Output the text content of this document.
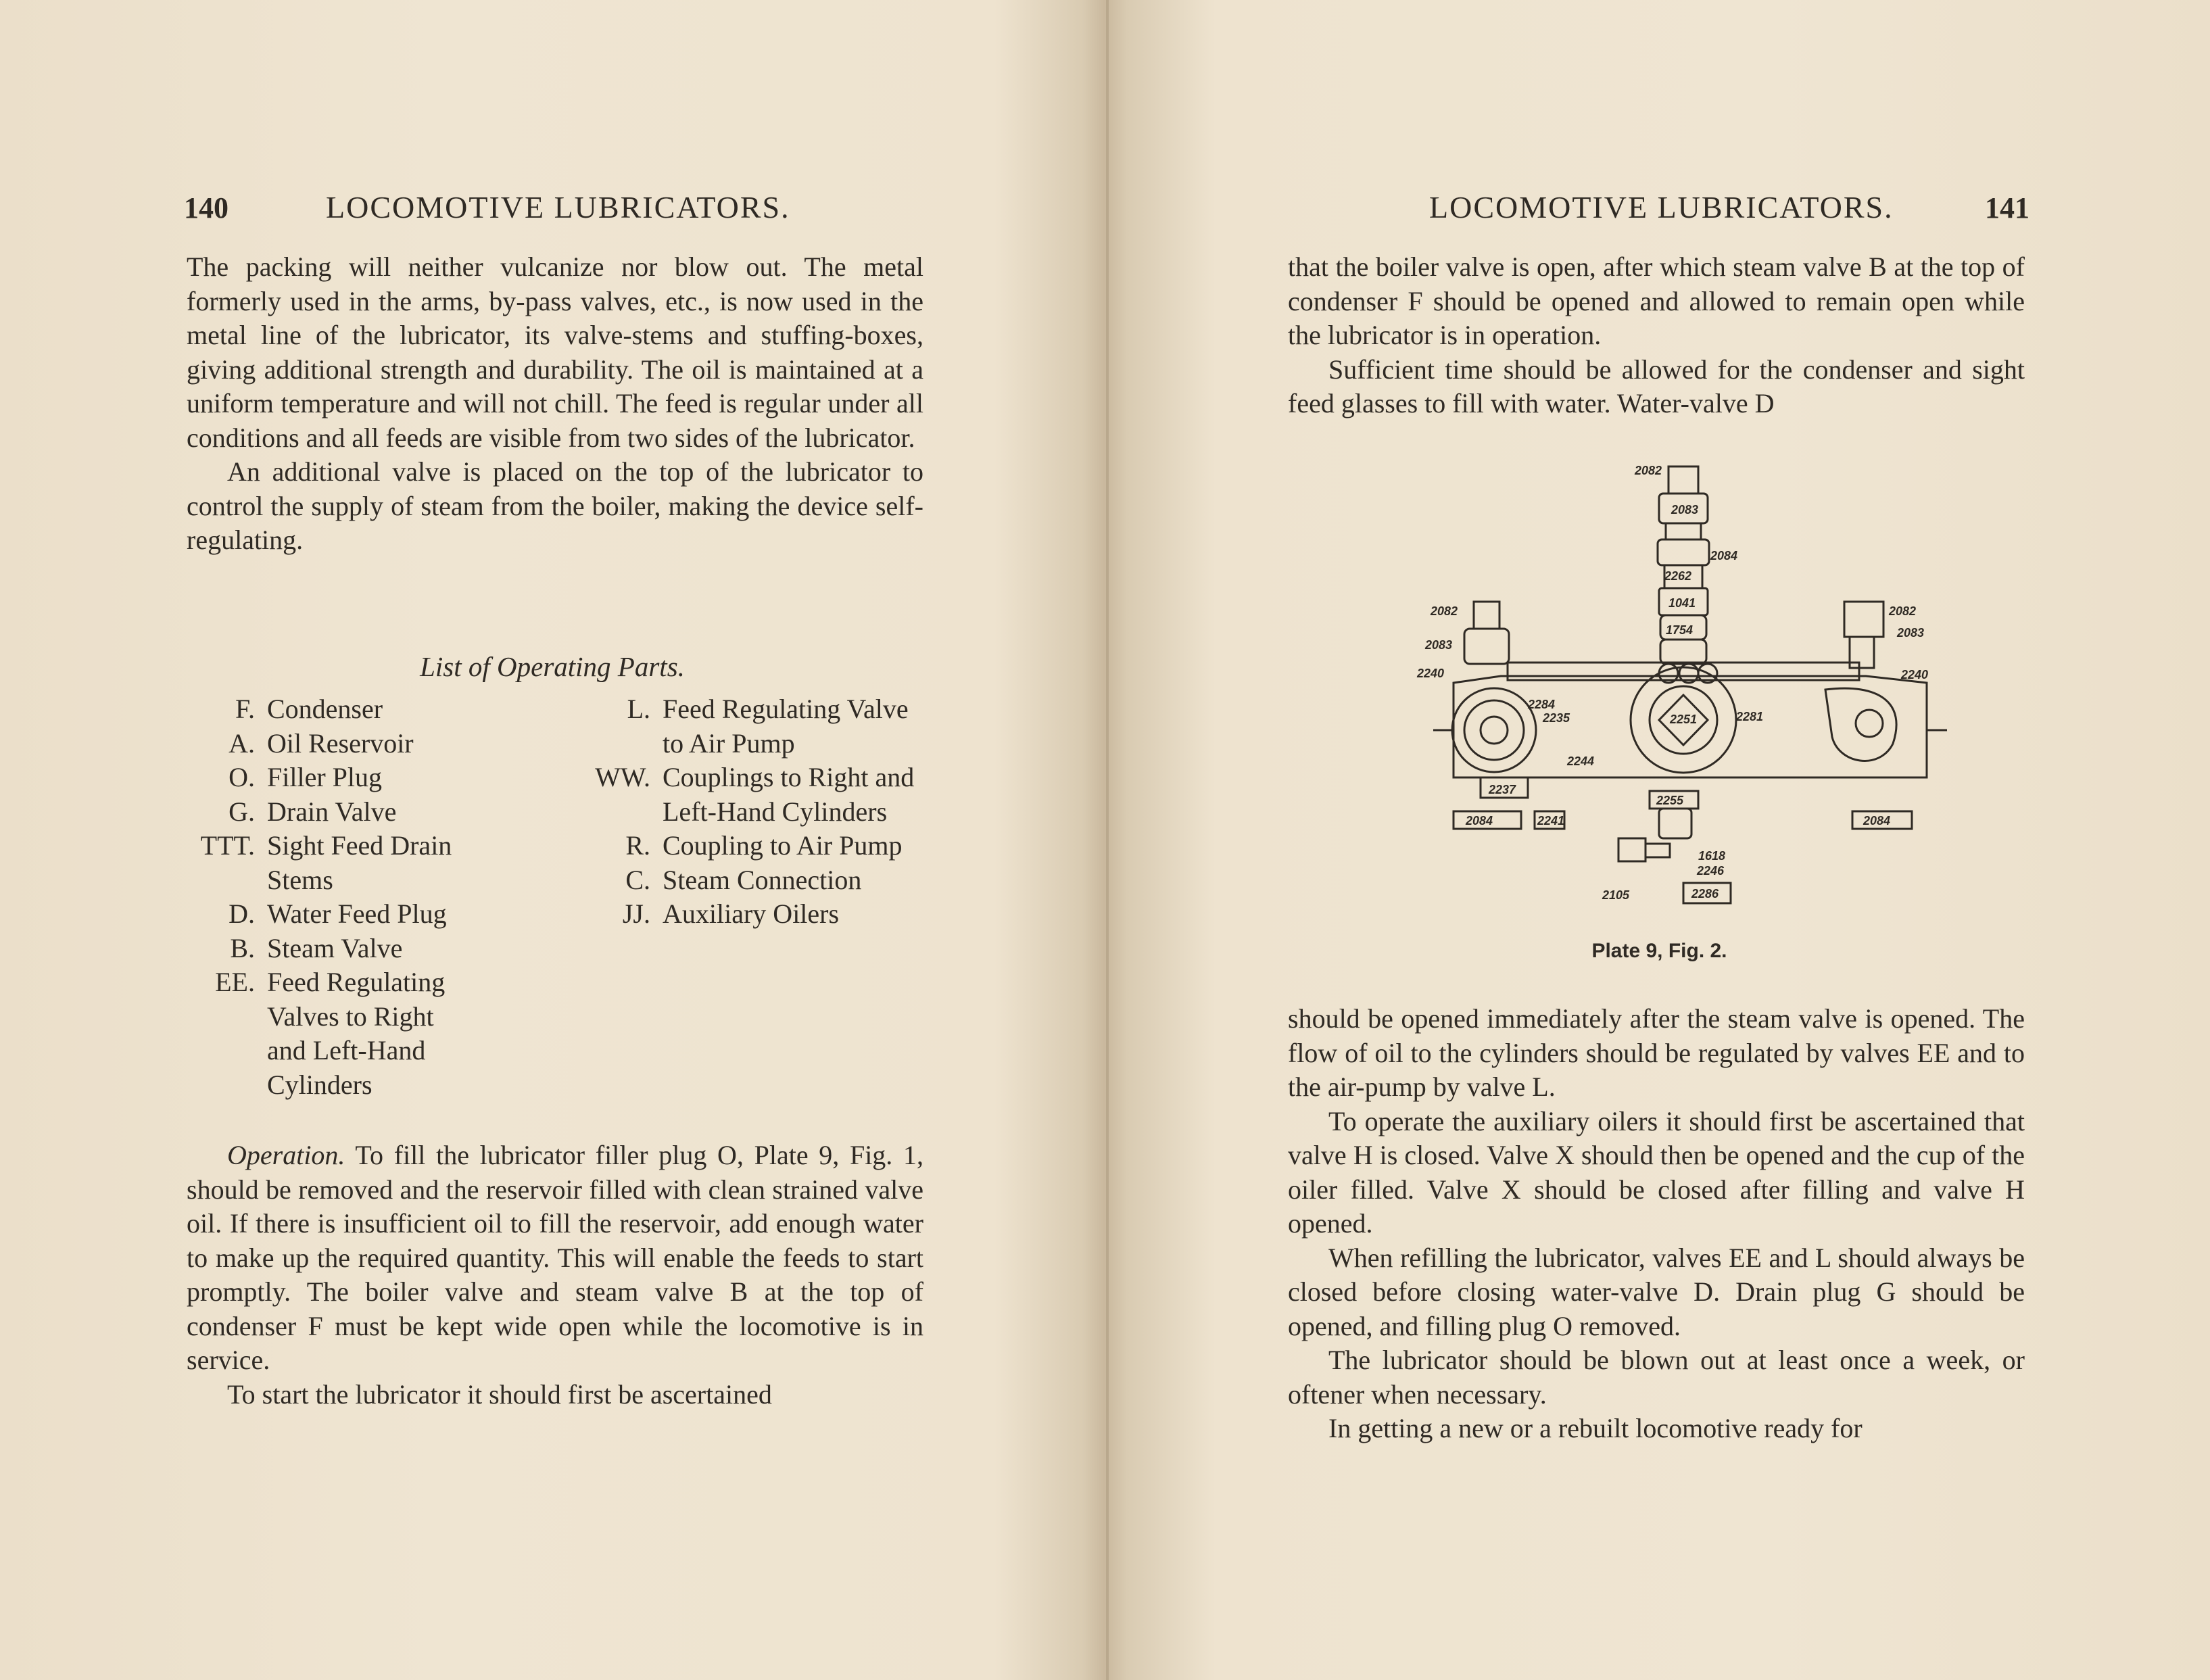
140	LOCOMOTIVE LUBRICATORS.

The packing will neither vulcanize nor blow out. The metal formerly used in the arms, by-pass valves, etc., is now used in the metal line of the lubricator, its valve-stems and stuffing-boxes, giving additional strength and durability. The oil is maintained at a uniform temperature and will not chill. The feed is regular under all conditions and all feeds are visible from two sides of the lubricator.

An additional valve is placed on the top of the lubricator to control the supply of steam from the boiler, making the device self-regulating.

List of Operating Parts.
F. Condenser
A. Oil Reservoir
O. Filler Plug
G. Drain Valve
TTT. Sight Feed Drain Stems
D. Water Feed Plug
B. Steam Valve
EE. Feed Regulating Valves to Right and Left-Hand Cylinders
L. Feed Regulating Valve to Air Pump
WW. Couplings to Right and Left-Hand Cylinders
R. Coupling to Air Pump
C. Steam Connection
JJ. Auxiliary Oilers

Operation. To fill the lubricator filler plug O, Plate 9, Fig. 1, should be removed and the reservoir filled with clean strained valve oil. If there is insufficient oil to fill the reservoir, add enough water to make up the required quantity. This will enable the feeds to start promptly. The boiler valve and steam valve B at the top of condenser F must be kept wide open while the locomotive is in service.

To start the lubricator it should first be ascertained

LOCOMOTIVE LUBRICATORS.	141

that the boiler valve is open, after which steam valve B at the top of condenser F should be opened and allowed to remain open while the lubricator is in operation.

Sufficient time should be allowed for the condenser and sight feed glasses to fill with water. Water-valve D

2082
2083
2084
2262
1041
1754
2082
2083
2240
2082
2083
2240
2284
2235	2281
2251
2244
2237
2255
2084	2241
1618
2246
2105	2286
2084
Plate 9, Fig. 2.

should be opened immediately after the steam valve is opened. The flow of oil to the cylinders should be regulated by valves EE and to the air-pump by valve L.

To operate the auxiliary oilers it should first be ascertained that valve H is closed. Valve X should then be opened and the cup of the oiler filled. Valve X should be closed after filling and valve H opened.

When refilling the lubricator, valves EE and L should always be closed before closing water-valve D. Drain plug G should be opened, and filling plug O removed.

The lubricator should be blown out at least once a week, or oftener when necessary.

In getting a new or a rebuilt locomotive ready for
